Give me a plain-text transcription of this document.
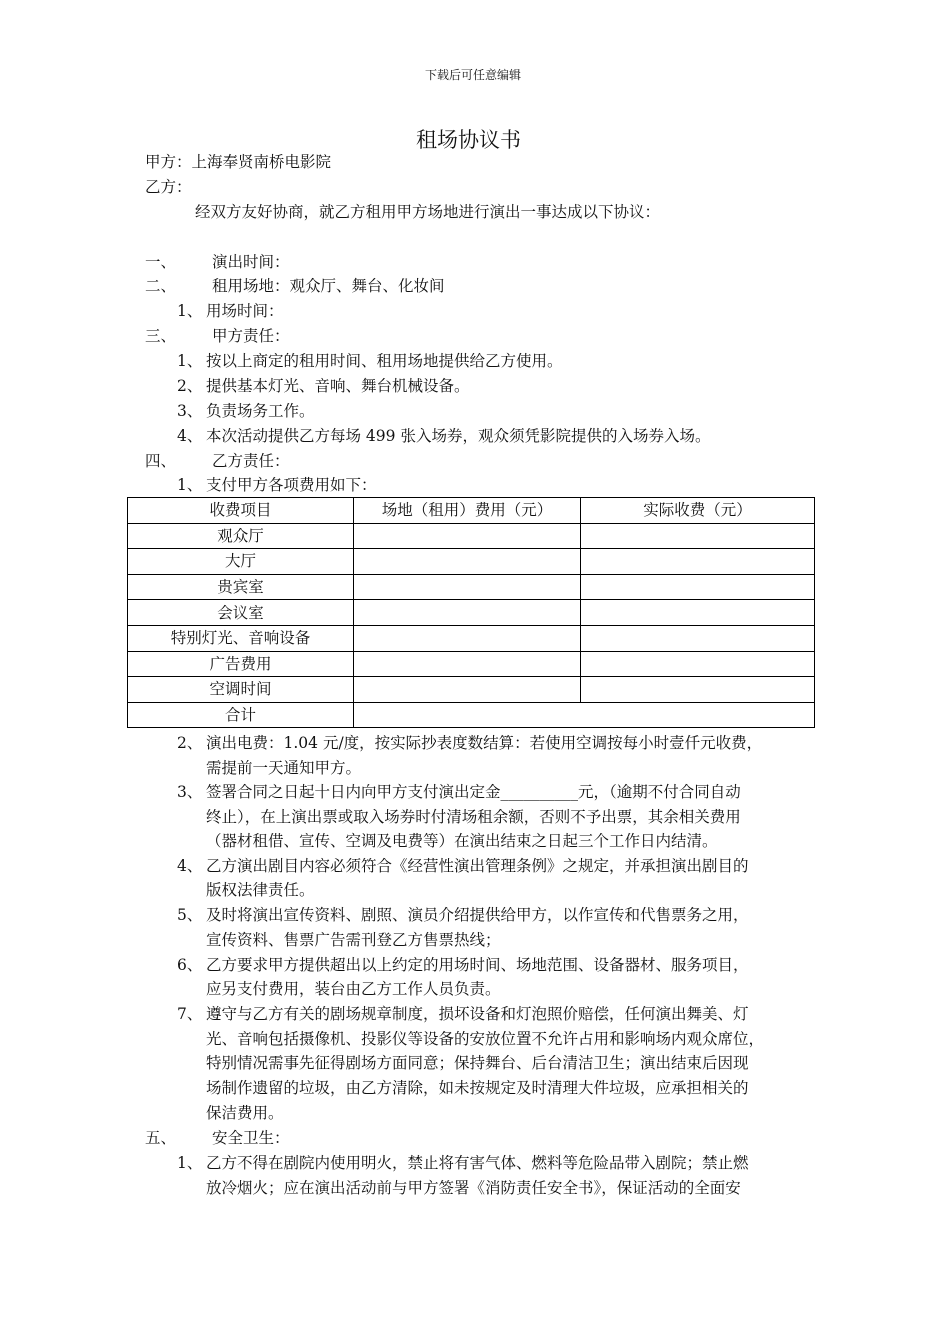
下载后可任意编辑
租场协议书
甲方：上海奉贤南桥电影院
乙方：
经双方友好协商，就乙方租用甲方场地进行演出一事达成以下协议：
一、 演出时间：
二、 租用场地：观众厅、舞台、化妆间
1、 用场时间：
三、 甲方责任：
1、 按以上商定的租用时间、租用场地提供给乙方使用。
2、 提供基本灯光、音响、舞台机械设备。
3、 负责场务工作。
4、 本次活动提供乙方每场 499 张入场券，观众须凭影院提供的入场券入场。
四、 乙方责任：
1、 支付甲方各项费用如下：
收费项目	场地（租用）费用（元）	实际收费（元）
观众厅		
大厅		
贵宾室		
会议室		
特别灯光、音响设备		
广告费用		
空调时间		
合计		
2、 演出电费：1.04 元/度，按实际抄表度数结算：若使用空调按每小时壹仟元收费，
需提前一天通知甲方。
3、 签署合同之日起十日内向甲方支付演出定金__________元，（逾期不付合同自动
终止），在上演出票或取入场券时付清场租余额，否则不予出票，其余相关费用
（器材租借、宣传、空调及电费等）在演出结束之日起三个工作日内结清。
4、 乙方演出剧目内容必须符合《经营性演出管理条例》之规定，并承担演出剧目的
版权法律责任。
5、 及时将演出宣传资料、剧照、演员介绍提供给甲方，以作宣传和代售票务之用，
宣传资料、售票广告需刊登乙方售票热线；
6、 乙方要求甲方提供超出以上约定的用场时间、场地范围、设备器材、服务项目，
应另支付费用，装台由乙方工作人员负责。
7、 遵守与乙方有关的剧场规章制度，损坏设备和灯泡照价赔偿，任何演出舞美、灯
光、音响包括摄像机、投影仪等设备的安放位置不允许占用和影响场内观众席位，
特别情况需事先征得剧场方面同意；保持舞台、后台清洁卫生；演出结束后因现
场制作遗留的垃圾，由乙方清除，如未按规定及时清理大件垃圾，应承担相关的
保洁费用。
五、 安全卫生：
1、 乙方不得在剧院内使用明火，禁止将有害气体、燃料等危险品带入剧院；禁止燃
放冷烟火；应在演出活动前与甲方签署《消防责任安全书》，保证活动的全面安
